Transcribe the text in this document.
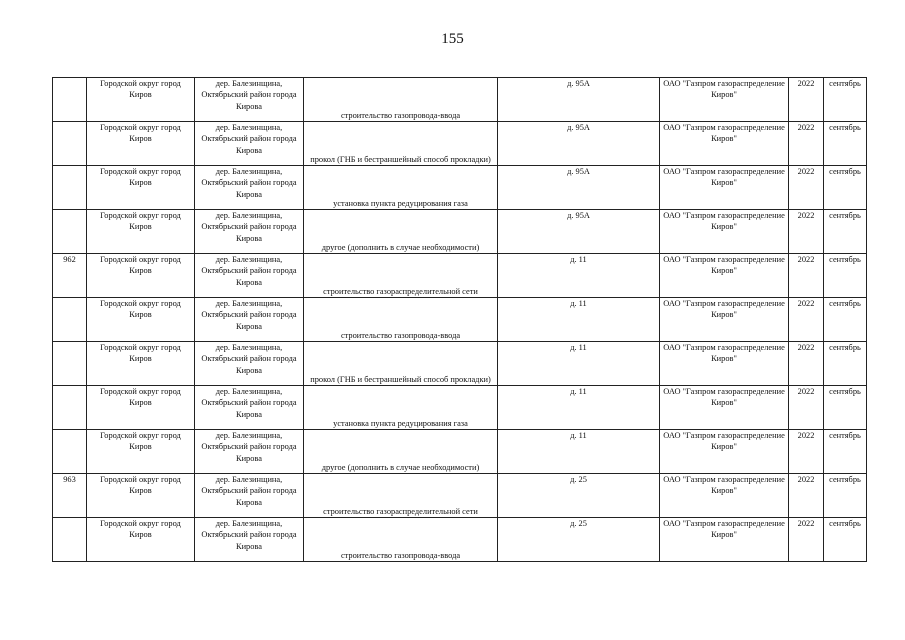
155
	Городской округ город
Киров	дер. Балезинщина,
Октябрьский район города
Кирова	строительство газопровода-ввода	д. 95А	ОАО "Газпром газораспределение
Киров"	2022	сентябрь

	Городской округ город
Киров	дер. Балезинщина,
Октябрьский район города
Кирова	прокол (ГНБ и бестраншейный способ прокладки)	д. 95А	ОАО "Газпром газораспределение
Киров"	2022	сентябрь

	Городской округ город
Киров	дер. Балезинщина,
Октябрьский район города
Кирова	установка пункта редуцирования газа	д. 95А	ОАО "Газпром газораспределение
Киров"	2022	сентябрь

	Городской округ город
Киров	дер. Балезинщина,
Октябрьский район города
Кирова	другое (дополнить в случае необходимости)	д. 95А	ОАО "Газпром газораспределение
Киров"	2022	сентябрь

962	Городской округ город
Киров	дер. Балезинщина,
Октябрьский район города
Кирова	строительство газораспределительной сети	д. 11	ОАО "Газпром газораспределение
Киров"	2022	сентябрь

	Городской округ город
Киров	дер. Балезинщина,
Октябрьский район города
Кирова	строительство газопровода-ввода	д. 11	ОАО "Газпром газораспределение
Киров"	2022	сентябрь

	Городской округ город
Киров	дер. Балезинщина,
Октябрьский район города
Кирова	прокол (ГНБ и бестраншейный способ прокладки)	д. 11	ОАО "Газпром газораспределение
Киров"	2022	сентябрь

	Городской округ город
Киров	дер. Балезинщина,
Октябрьский район города
Кирова	установка пункта редуцирования газа	д. 11	ОАО "Газпром газораспределение
Киров"	2022	сентябрь

	Городской округ город
Киров	дер. Балезинщина,
Октябрьский район города
Кирова	другое (дополнить в случае необходимости)	д. 11	ОАО "Газпром газораспределение
Киров"	2022	сентябрь

963	Городской округ город
Киров	дер. Балезинщина,
Октябрьский район города
Кирова	строительство газораспределительной сети	д. 25	ОАО "Газпром газораспределение
Киров"	2022	сентябрь

	Городской округ город
Киров	дер. Балезинщина,
Октябрьский район города
Кирова	строительство газопровода-ввода	д. 25	ОАО "Газпром газораспределение
Киров"	2022	сентябрь
